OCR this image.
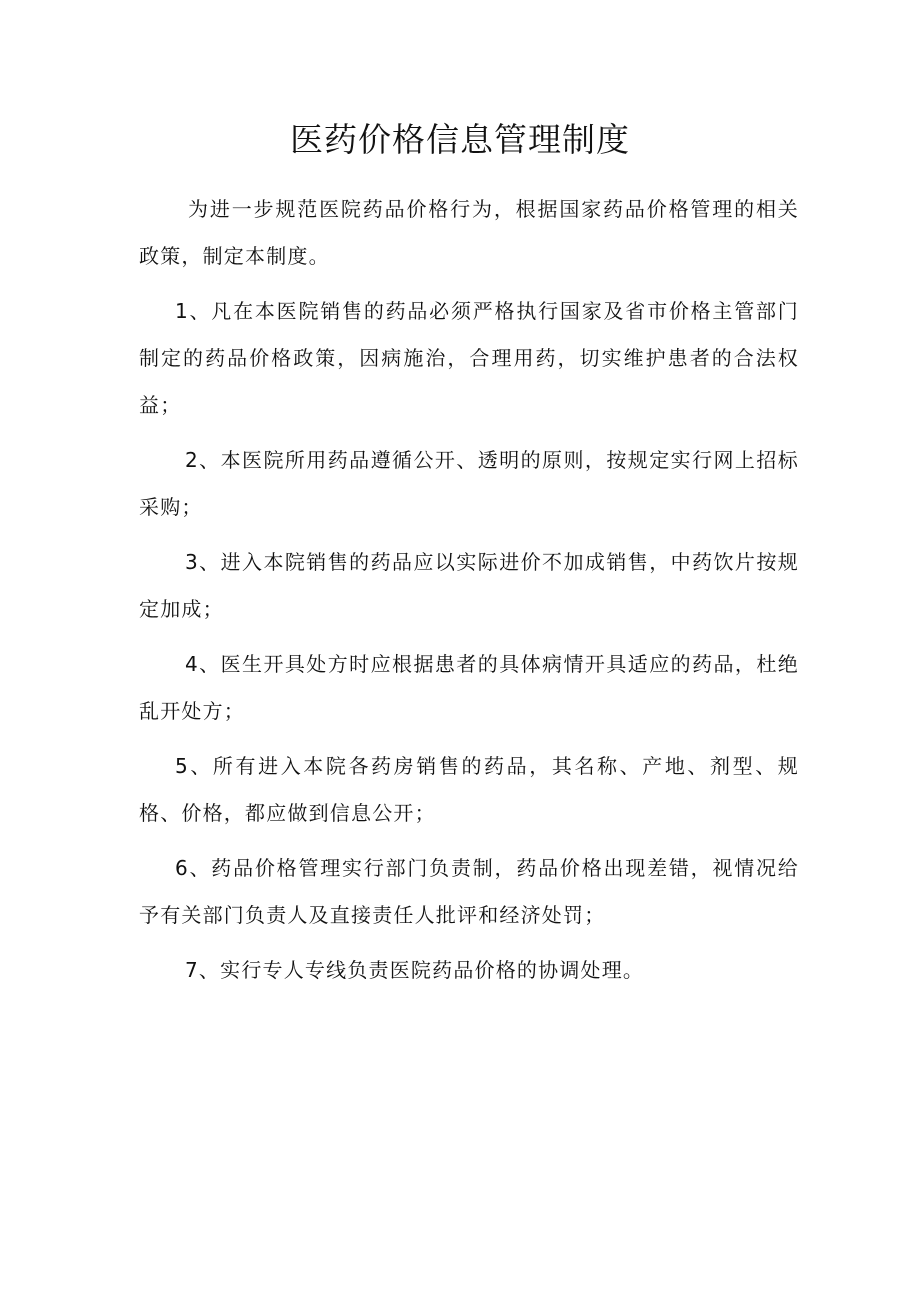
医药价格信息管理制度

为进一步规范医院药品价格行为，根据国家药品价格管理的相关政策，制定本制度。

1、凡在本医院销售的药品必须严格执行国家及省市价格主管部门制定的药品价格政策，因病施治，合理用药，切实维护患者的合法权益；

2、本医院所用药品遵循公开、透明的原则，按规定实行网上招标采购；

3、进入本院销售的药品应以实际进价不加成销售，中药饮片按规定加成；

4、医生开具处方时应根据患者的具体病情开具适应的药品，杜绝乱开处方；

5、所有进入本院各药房销售的药品，其名称、产地、剂型、规格、价格，都应做到信息公开；

6、药品价格管理实行部门负责制，药品价格出现差错，视情况给予有关部门负责人及直接责任人批评和经济处罚；

7、实行专人专线负责医院药品价格的协调处理。
